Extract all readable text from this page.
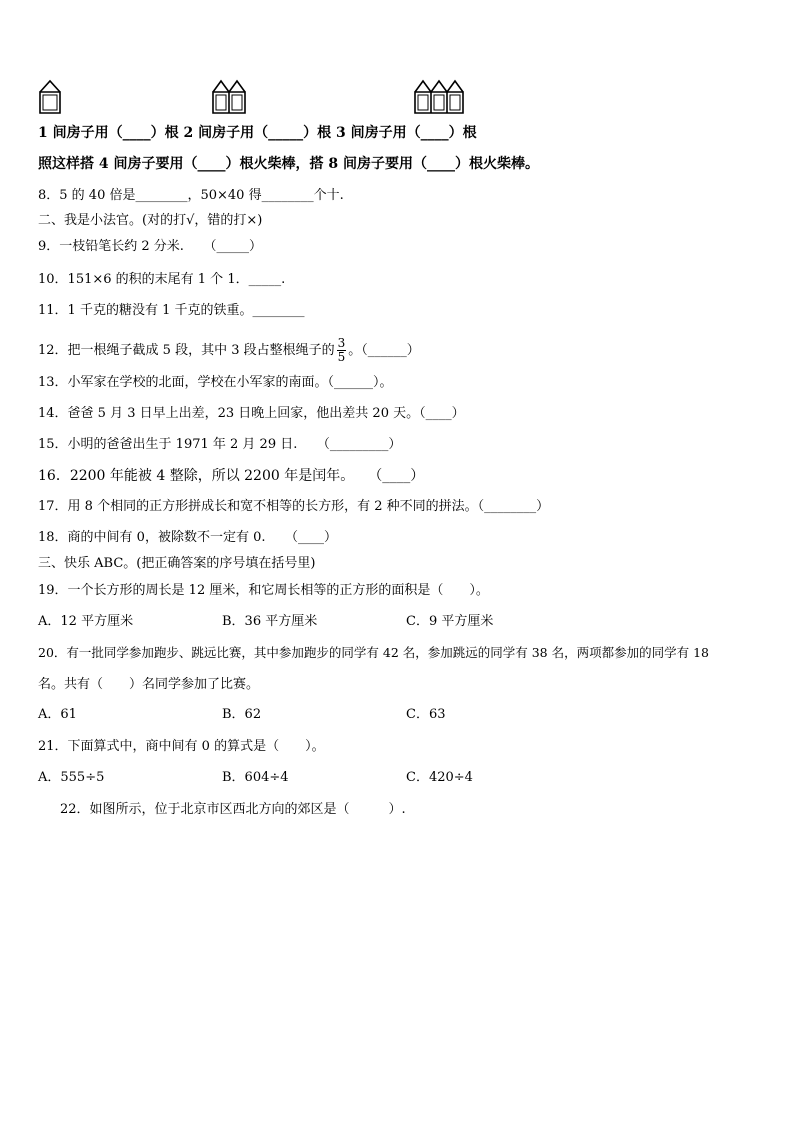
1 间房子用（____）根 2 间房子用（_____）根 3 间房子用（____）根
照这样搭 4 间房子要用（____）根火柴棒，搭 8 间房子要用（____）根火柴棒。
8．5 的 40 倍是________，50×40 得________个十.
二、我是小法官。(对的打√，错的打×)
9．一枝铅笔长约 2 分米.　　（_____）
10．151×6 的积的末尾有 1 个 1．_____.
11．1 千克的糖没有 1 千克的铁重。________
12．把一根绳子截成 5 段，其中 3 段占整根绳子的 $\frac{3}{5}$ 。（______）
13．小军家在学校的北面，学校在小军家的南面。（______）。
14．爸爸 5 月 3 日早上出差，23 日晚上回家，他出差共 20 天。（____）
15．小明的爸爸出生于 1971 年 2 月 29 日.　　（_________）
16．2200 年能被 4 整除，所以 2200 年是闰年。　　（____）
17．用 8 个相同的正方形拼成长和宽不相等的长方形，有 2 种不同的拼法。（________）
18．商的中间有 0，被除数不一定有 0.　　（____）
三、快乐 ABC。(把正确答案的序号填在括号里)
19．一个长方形的周长是 12 厘米，和它周长相等的正方形的面积是（　　）。
A．12 平方厘米	B．36 平方厘米	C．9 平方厘米
20．有一批同学参加跑步、跳远比赛，其中参加跑步的同学有 42 名，参加跳远的同学有 38 名，两项都参加的同学有 18
名。共有（　　）名同学参加了比赛。
A．61	B．62	C．63
21．下面算式中，商中间有 0 的算式是（　　）。
A．555÷5	B．604÷4	C．420÷4
22．如图所示，位于北京市区西北方向的郊区是（　　　）.
